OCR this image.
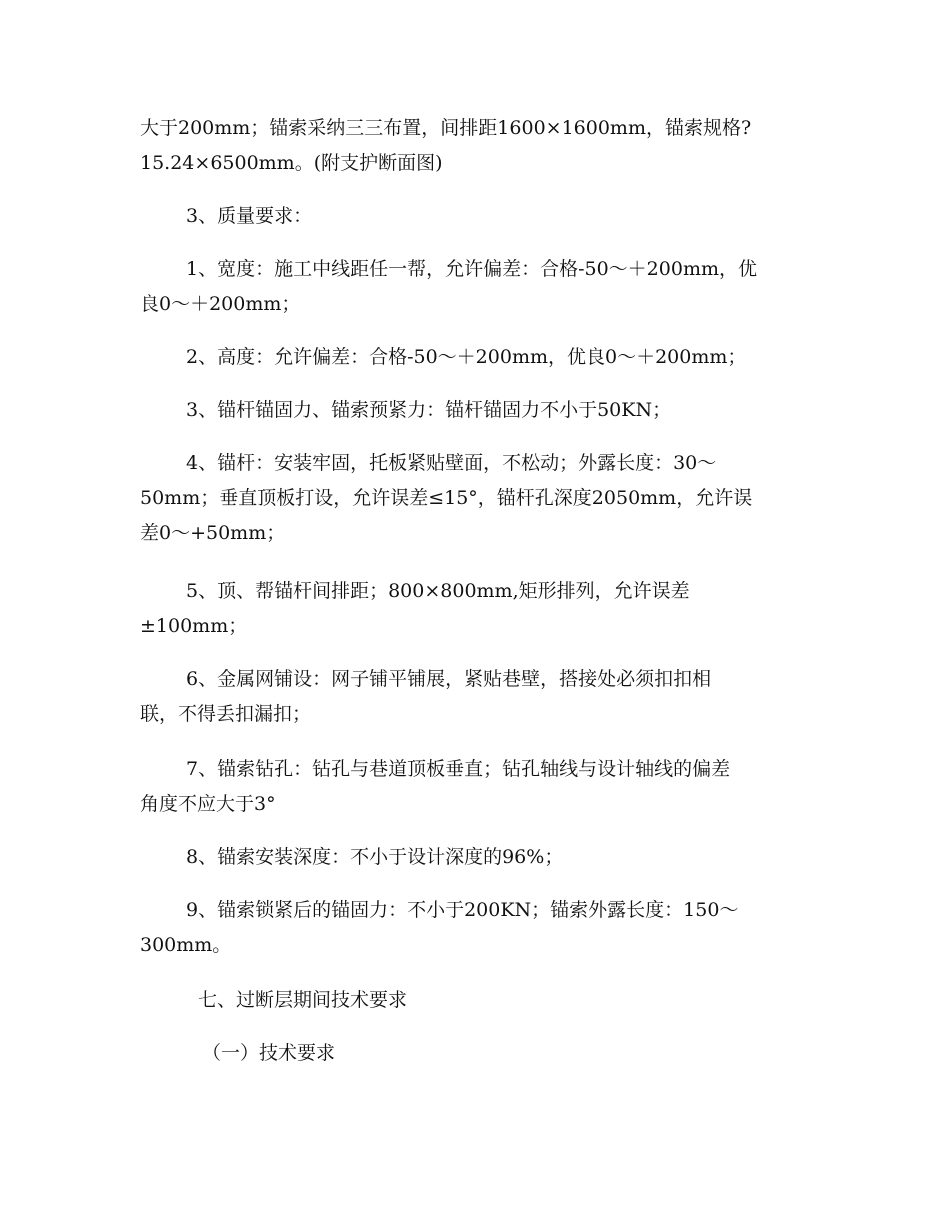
大于200mm；锚索采纳三三布置，间排距1600×1600mm，锚索规格?
15.24×6500mm。(附支护断面图)
3、质量要求：
1、宽度：施工中线距任一帮，允许偏差：合格-50～＋200mm，优
良0～＋200mm；
2、高度：允许偏差：合格-50～＋200mm，优良0～＋200mm；
3、锚杆锚固力、锚索预紧力：锚杆锚固力不小于50KN；
4、锚杆：安装牢固，托板紧贴壁面，不松动；外露长度：30～
50mm；垂直顶板打设，允许误差≤15°，锚杆孔深度2050mm，允许误
差0～+50mm；
5、顶、帮锚杆间排距；800×800mm,矩形排列，允许误差
±100mm；
6、金属网铺设：网子铺平铺展，紧贴巷壁，搭接处必须扣扣相
联，不得丢扣漏扣；
7、锚索钻孔：钻孔与巷道顶板垂直；钻孔轴线与设计轴线的偏差
角度不应大于3°
8、锚索安装深度：不小于设计深度的96%；
9、锚索锁紧后的锚固力：不小于200KN；锚索外露长度：150～
300mm。
七、过断层期间技术要求
（一）技术要求
